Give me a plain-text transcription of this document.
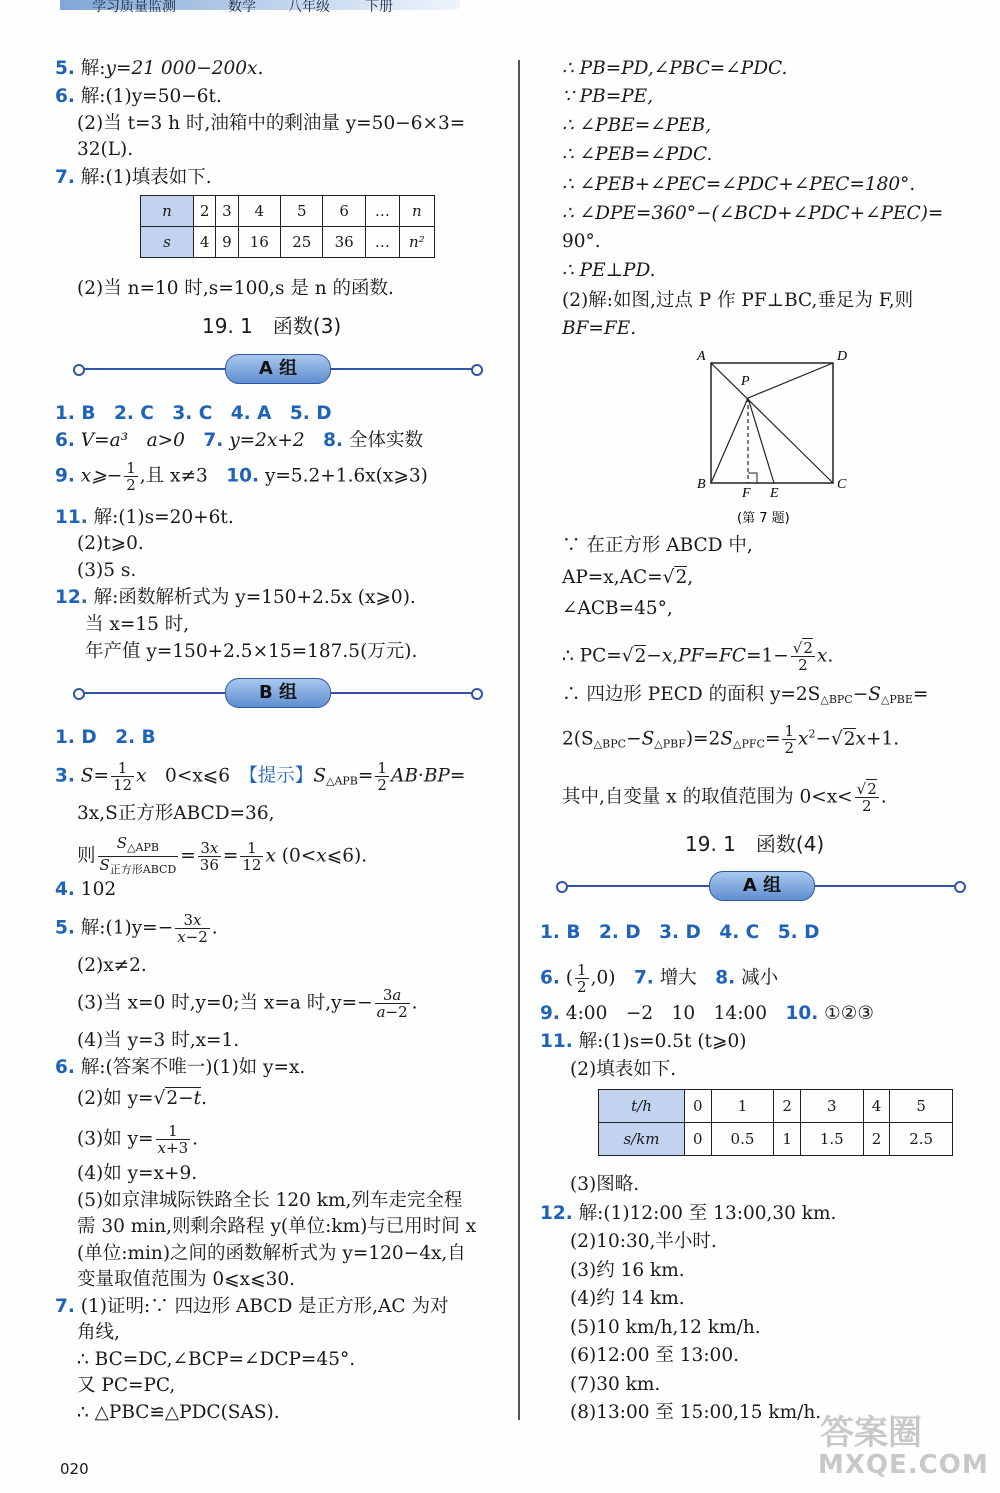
学习质量监测	数学 八年级	下册
5. 解:y=21 000−200x.
6. 解:(1)y=50−6t.
(2)当 t=3 h 时,油箱中的剩油量 y=50−6×3=
32(L).
7. 解:(1)填表如下.
n	2	3	4	5	6	…	n
s	4	9	16	25	36	…	n²
(2)当 n=10 时,s=100,s 是 n 的函数.
19. 1　函数(3)
A 组
1. B　2. C　3. C　4. A　5. D
6. V=a³　a>0　 7. y=2x+2　 8. 全体实数
9. x⩾− $\frac{1}{2}$ ,且 x≠3　 10. y=5.2+1.6x(x⩾3)
11. 解:(1)s=20+6t.
(2)t⩾0.
(3)5 s.
12. 解:函数解析式为 y=150+2.5x (x⩾0).
当 x=15 时,
年产值 y=150+2.5×15=187.5(万元).
B 组
1. D　2. B
3. $S= \frac{1}{12}$ x　 0<x⩽6　 【提示】$S_{\triangle APB}= \frac{1}{2} AB\cdot BP=$
3x,S正方形ABCD=36,
则 $\frac{S_{\triangle APB}}{S_{正方形ABCD}} = \frac{3x}{36} = \frac{1}{12}$ x (0<x⩽6).
4. 102
5. 解:(1)y=− $\frac{3x}{x-2}$ .
(2)x≠2.
(3)当 x=0 时,y=0;当 x=a 时$,y=- \frac{3a}{a-2}$ .
(4)当 y=3 时,x=1.
6. 解:(答案不唯一)(1)如 y=x.
(2)如 y=√2−t.
(3)如 $y= \frac{1}{x+3}$ .
(4)如 y=x+9.
(5)如京津城际铁路全长 120 km,列车走完全程
需 30 min,则剩余路程 y(单位:km)与已用时间 x
(单位:min)之间的函数解析式为 y=120−4x,自
变量取值范围为 0⩽x⩽30.
7. (1)证明:∵ 四边形 ABCD 是正方形,AC 为对
角线,
∴ BC=DC,∠BCP=∠DCP=45°.
又 PC=PC,
∴ △PBC≌△PDC(SAS).
∴ PB=PD,∠PBC=∠PDC.
∵ PB=PE,
∴ ∠PBE=∠PEB,
∴ ∠PEB=∠PDC.
∴ ∠PEB+∠PEC=∠PDC+∠PEC=180°.
∴ ∠DPE=360°−(∠BCD+∠PDC+∠PEC)=
90°.
∴ PE⊥PD.
(2)解:如图,过点 P 作 PF⊥BC,垂足为 F,则
BF=FE.
A	D
B	C
P
F E
(第 7 题)
∵ 在正方形 ABCD 中,
AP=x,AC=√2,
∠ACB=45°,
∴ $PC=√2-x,PF=FC=1- \frac{√2}{2} x$.
∴ 四边形 PECD 的面积 $y=2S_{\triangle BPC}-S_{\triangle PBE}=$
$2(S_{\triangle BPC}-S_{\triangle PBF})=2S_{\triangle PFC}= \frac{1}{2} x^2-√2x+1$.
其中,自变量 x 的取值范围为 $0<x< \frac{√2}{2}$ .
19. 1　函数(4)
A 组
1. B　2. D　3. D　4. C　5. D
6. ( $\frac{1}{2} ,0$)　7. 增大　 8. 减小
9. 4:00　−2　10　14:00　 10. ①②③
11. 解:(1)s=0.5t (t⩾0)
(2)填表如下.
t/h	0	1	2	3	4	5
s/km	0	0.5	1	1.5	2	2.5
(3)图略.
12. 解:(1)12:00 至 13:00,30 km.
(2)10:30,半小时.
(3)约 16 km.
(4)约 14 km.
(5)10 km/h,12 km/h.
(6)12:00 至 13:00.
(7)30 km.
(8)13:00 至 15:00,15 km/h.
020
答案圈
MXQE.COM
